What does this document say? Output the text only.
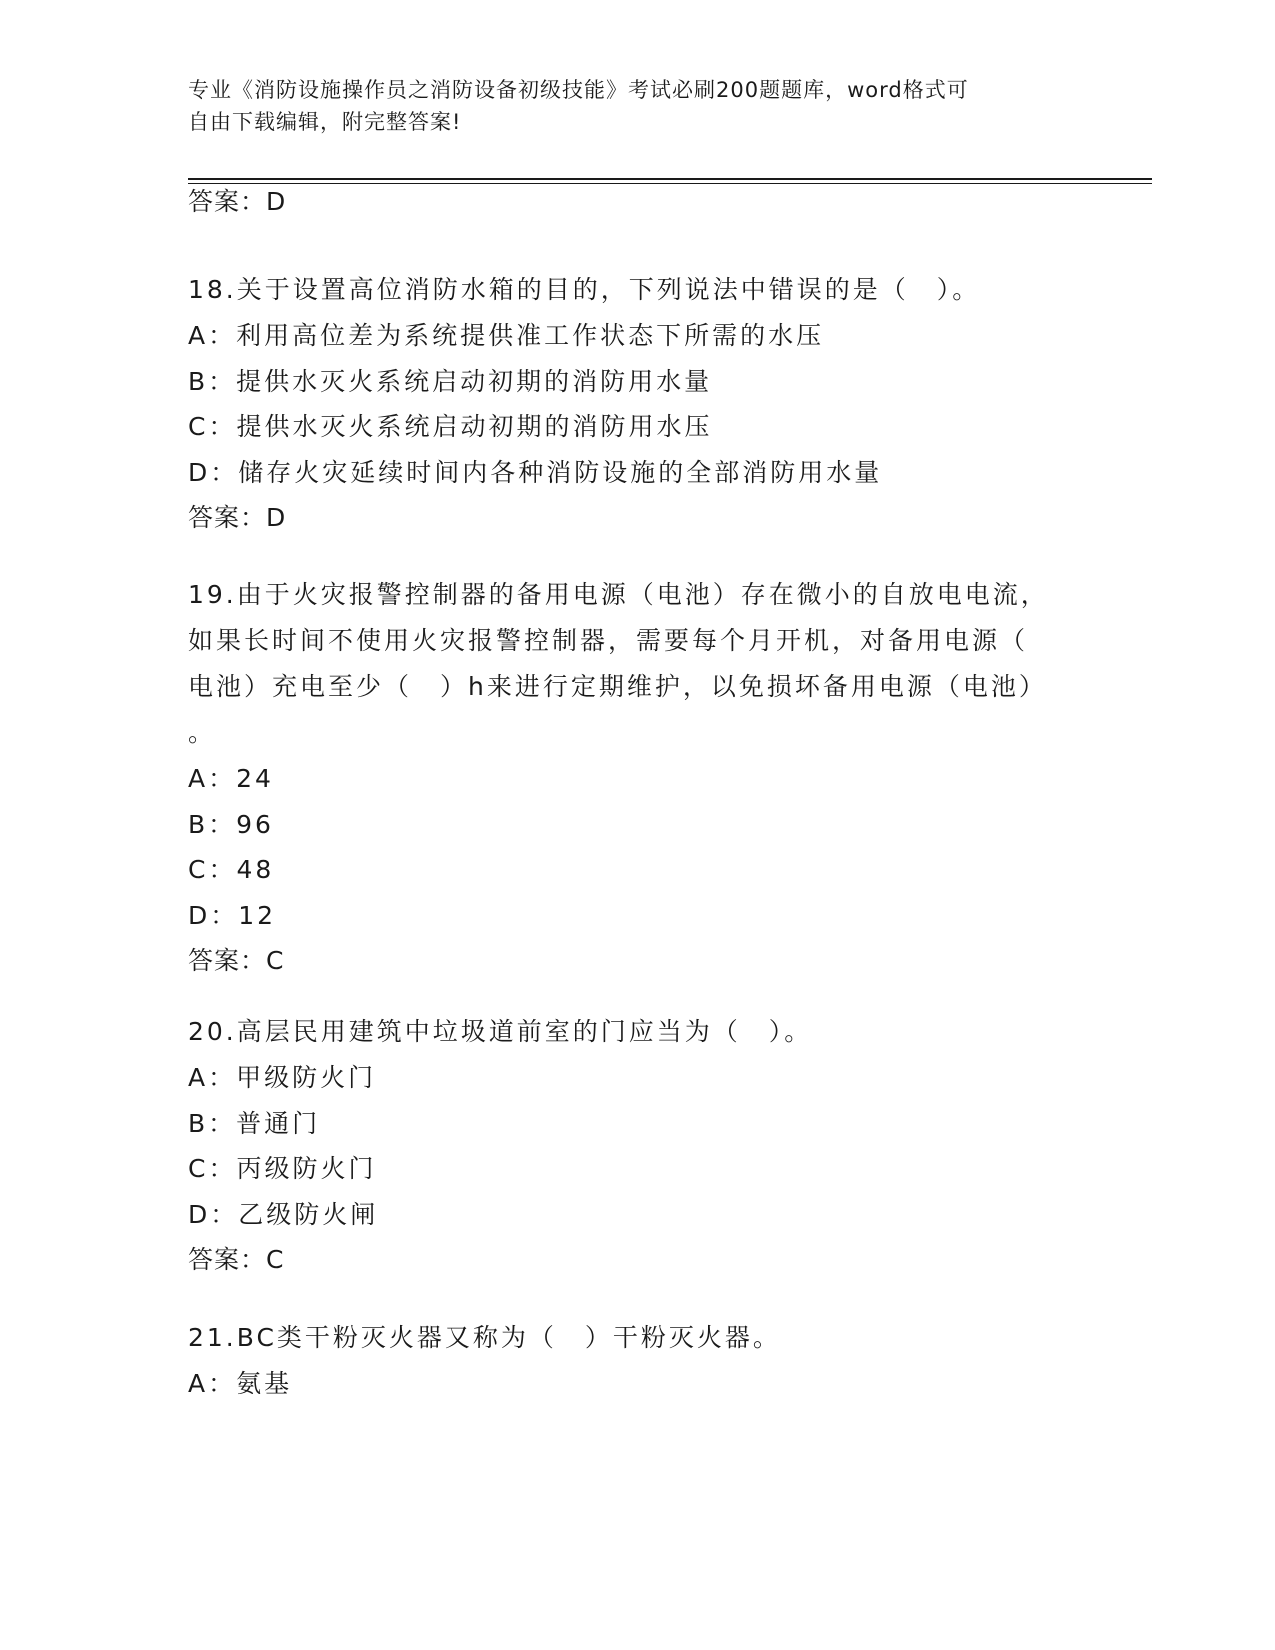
专业《消防设施操作员之消防设备初级技能》考试必刷200题题库，word格式可
自由下载编辑，附完整答案!
答案：D
18.关于设置高位消防水箱的目的，下列说法中错误的是（　）。
A：利用高位差为系统提供准工作状态下所需的水压
B：提供水灭火系统启动初期的消防用水量
C：提供水灭火系统启动初期的消防用水压
D：储存火灾延续时间内各种消防设施的全部消防用水量
答案：D
19.由于火灾报警控制器的备用电源（电池）存在微小的自放电电流，
如果长时间不使用火灾报警控制器，需要每个月开机，对备用电源（
电池）充电至少（　）h来进行定期维护，以免损坏备用电源（电池）
。
A：24
B：96
C：48
D：12
答案：C
20.高层民用建筑中垃圾道前室的门应当为（　）。
A：甲级防火门
B：普通门
C：丙级防火门
D：乙级防火闸
答案：C
21.BC类干粉灭火器又称为（　）干粉灭火器。
A：氨基
